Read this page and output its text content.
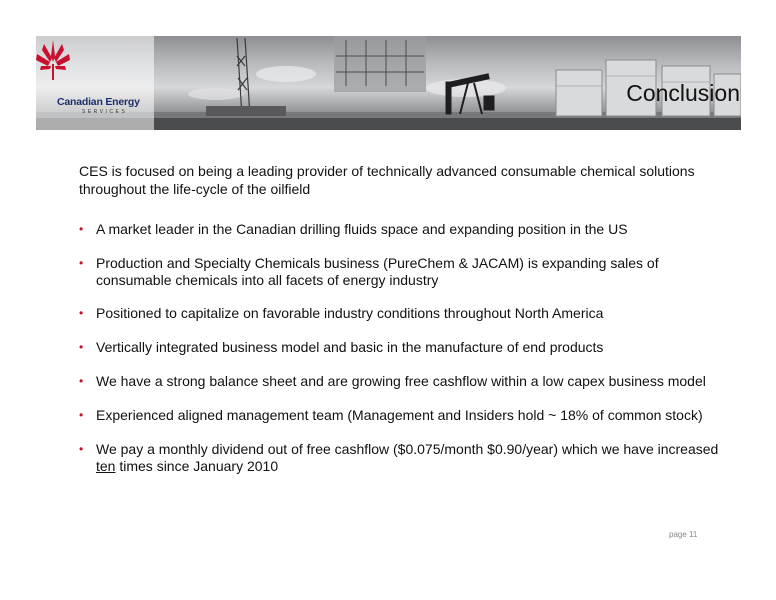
Canadian Energy
SERVICES
Conclusion

CES is focused on being a leading provider of technically advanced consumable chemical solutions throughout the life-cycle of the oilfield

• A market leader in the Canadian drilling fluids space and expanding position in the US
• Production and Specialty Chemicals business (PureChem & JACAM) is expanding sales of consumable chemicals into all facets of energy industry
• Positioned to capitalize on favorable industry conditions throughout North America
• Vertically integrated business model and basic in the manufacture of end products
• We have a strong balance sheet and are growing free cashflow within a low capex business model
• Experienced aligned management team (Management and Insiders hold ~ 18% of common stock)
• We pay a monthly dividend out of free cashflow ($0.075/month $0.90/year) which we have increased ten times since January 2010
page 11
